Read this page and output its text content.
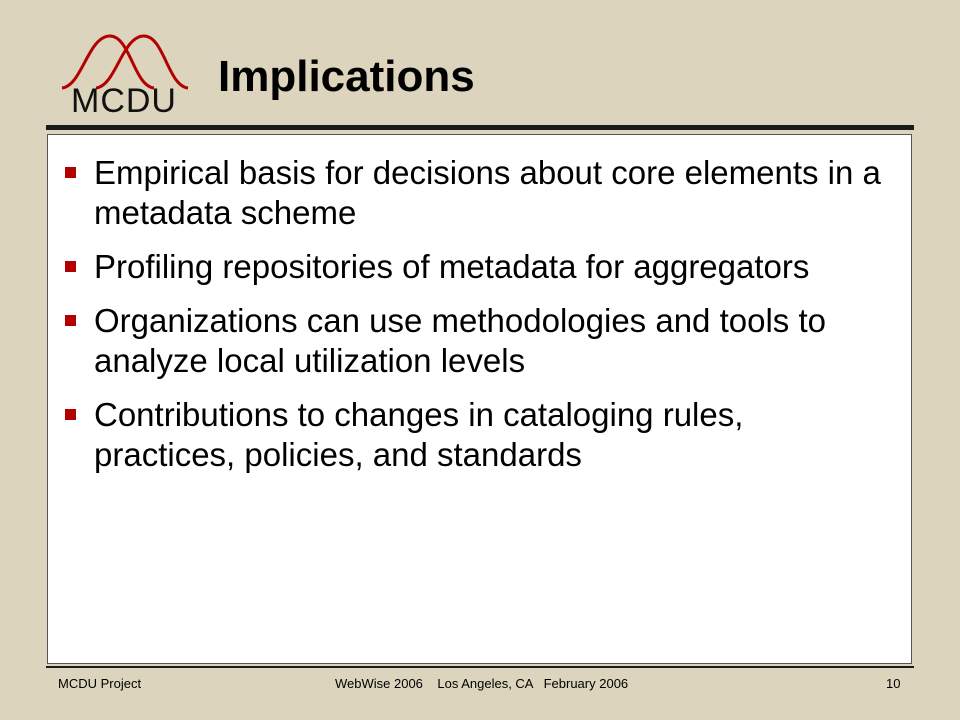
MCDU Implications
Empirical basis for decisions about core elements in a metadata scheme
Profiling repositories of metadata for aggregators
Organizations can use methodologies and tools to analyze local utilization levels
Contributions to changes in cataloging rules, practices, policies, and standards
MCDU Project	WebWise 2006    Los Angeles, CA   February 2006	10
